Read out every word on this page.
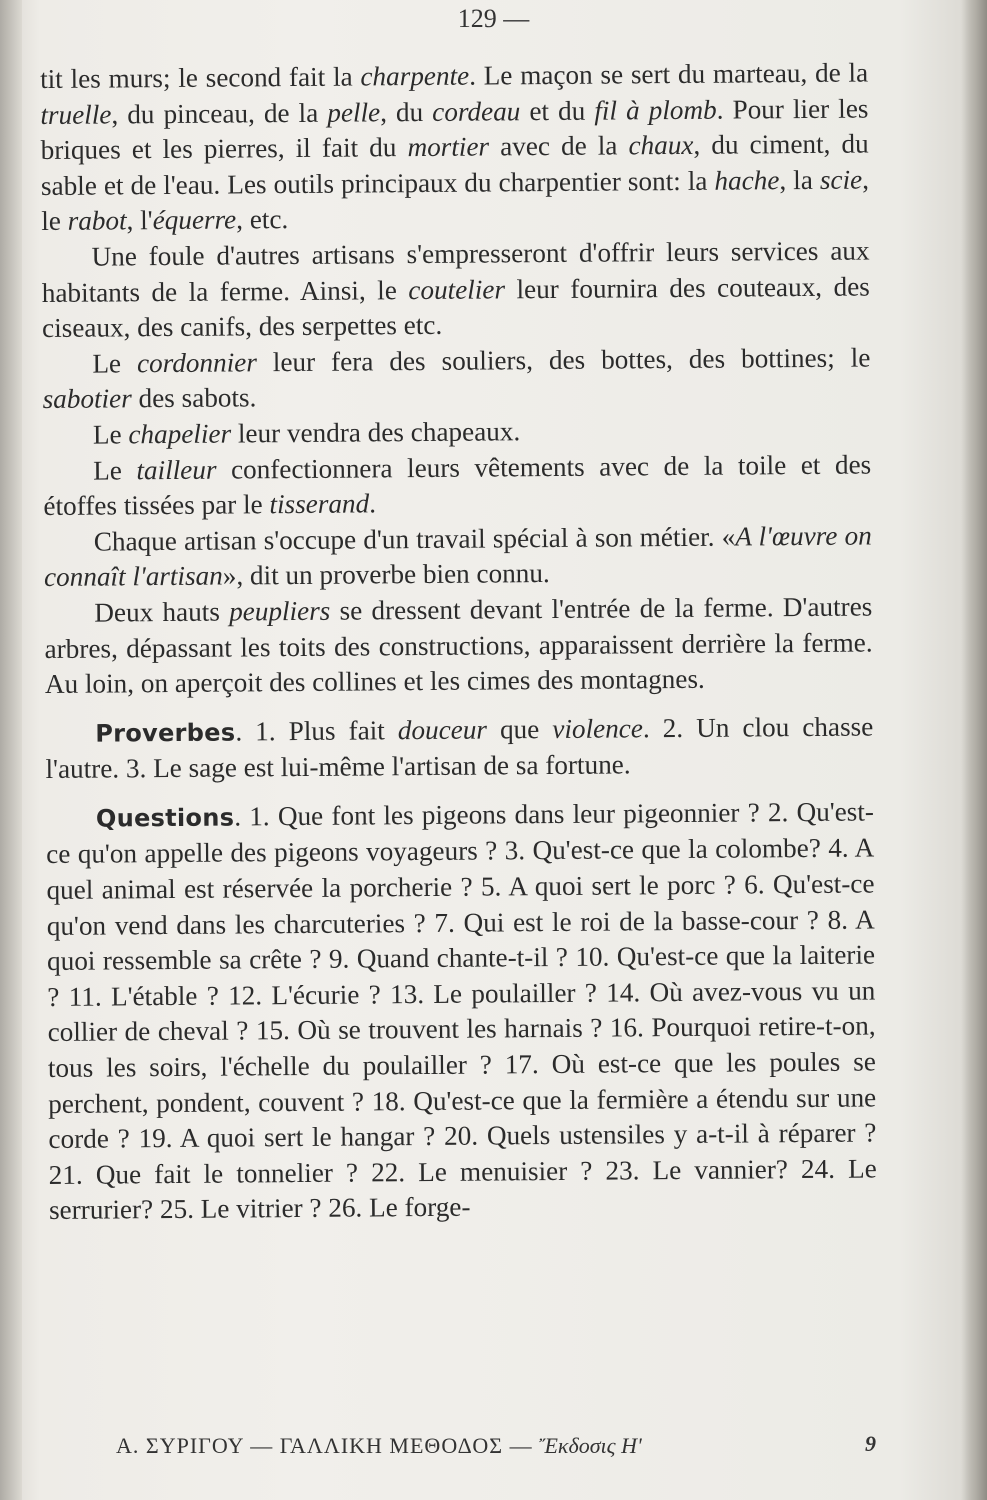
129 —

tit les murs; le second fait la charpente. Le maçon se sert du marteau, de la truelle, du pinceau, de la pelle, du cordeau et du fil à plomb. Pour lier les briques et les pierres, il fait du mortier avec de la chaux, du ciment, du sable et de l'eau. Les outils principaux du charpentier sont: la hache, la scie, le rabot, l'équerre, etc.

Une foule d'autres artisans s'empresseront d'offrir leurs services aux habitants de la ferme. Ainsi, le coutelier leur fournira des couteaux, des ciseaux, des canifs, des serpettes etc.

Le cordonnier leur fera des souliers, des bottes, des bottines; le sabotier des sabots.

Le chapelier leur vendra des chapeaux.

Le tailleur confectionnera leurs vêtements avec de la toile et des étoffes tissées par le tisserand.

Chaque artisan s'occupe d'un travail spécial à son métier. «A l'œuvre on connaît l'artisan», dit un proverbe bien connu.

Deux hauts peupliers se dressent devant l'entrée de la ferme. D'autres arbres, dépassant les toits des constructions, apparaissent derrière la ferme. Au loin, on aperçoit des collines et les cimes des montagnes.

Proverbes. 1. Plus fait douceur que violence. 2. Un clou chasse l'autre. 3. Le sage est lui-même l'artisan de sa fortune.

Questions. 1. Que font les pigeons dans leur pigeonnier ? 2. Qu'est-ce qu'on appelle des pigeons voyageurs ? 3. Qu'est-ce que la colombe? 4. A quel animal est réservée la porcherie ? 5. A quoi sert le porc ? 6. Qu'est-ce qu'on vend dans les charcuteries ? 7. Qui est le roi de la basse-cour ? 8. A quoi ressemble sa crête ? 9. Quand chante-t-il ? 10. Qu'est-ce que la laiterie ? 11. L'étable ? 12. L'écurie ? 13. Le poulailler ? 14. Où avez-vous vu un collier de cheval ? 15. Où se trouvent les harnais ? 16. Pourquoi retire-t-on, tous les soirs, l'échelle du poulailler ? 17. Où est-ce que les poules se perchent, pondent, couvent ? 18. Qu'est-ce que la fermière a étendu sur une corde ? 19. A quoi sert le hangar ? 20. Quels ustensiles y a-t-il à réparer ? 21. Que fait le tonnelier ? 22. Le menuisier ? 23. Le vannier? 24. Le serrurier? 25. Le vitrier ? 26. Le forge-

Α. ΣΥΡΙΓΟΥ — ΓΑΛΛΙΚΗ ΜΕΘΟΔΟΣ — Ἔκδοσις Η'	9
